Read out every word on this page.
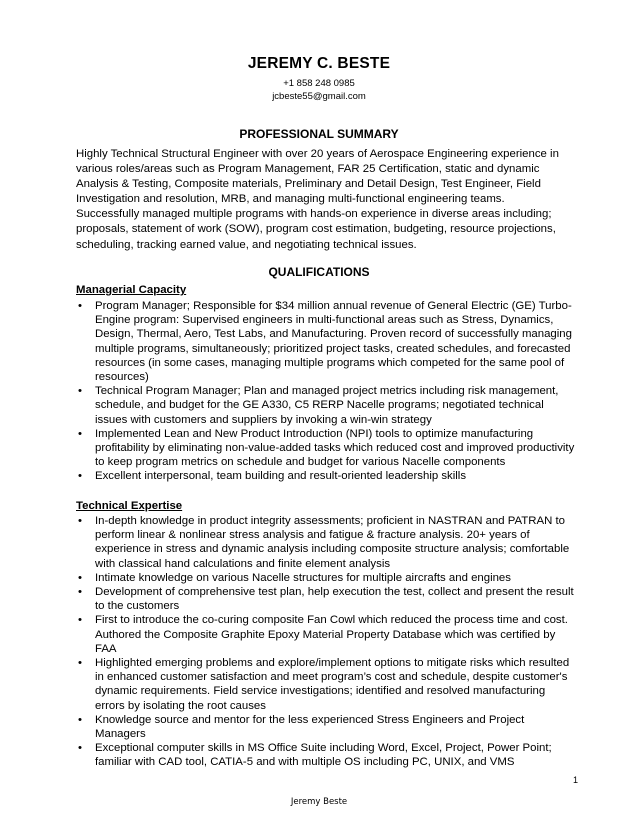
JEREMY C. BESTE
+1 858 248 0985
jcbeste55@gmail.com
PROFESSIONAL SUMMARY
Highly Technical Structural Engineer with over 20 years of Aerospace Engineering experience in various roles/areas such as Program Management, FAR 25 Certification, static and dynamic Analysis & Testing, Composite materials, Preliminary and Detail Design, Test Engineer, Field Investigation and resolution, MRB, and managing multi-functional engineering teams. Successfully managed multiple programs with hands-on experience in diverse areas including; proposals, statement of work (SOW), program cost estimation, budgeting, resource projections, scheduling, tracking earned value, and negotiating technical issues.
QUALIFICATIONS
Managerial Capacity
• Program Manager; Responsible for $34 million annual revenue of General Electric (GE) Turbo-Engine program: Supervised engineers in multi-functional areas such as Stress, Dynamics, Design, Thermal, Aero, Test Labs, and Manufacturing. Proven record of successfully managing multiple programs, simultaneously; prioritized project tasks, created schedules, and forecasted resources (in some cases, managing multiple programs which competed for the same pool of resources)
• Technical Program Manager; Plan and managed project metrics including risk management, schedule, and budget for the GE A330, C5 RERP Nacelle programs; negotiated technical issues with customers and suppliers by invoking a win-win strategy
• Implemented Lean and New Product Introduction (NPI) tools to optimize manufacturing profitability by eliminating non-value-added tasks which reduced cost and improved productivity to keep program metrics on schedule and budget for various Nacelle components
• Excellent interpersonal, team building and result-oriented leadership skills
Technical Expertise
• In-depth knowledge in product integrity assessments; proficient in NASTRAN and PATRAN to perform linear & nonlinear stress analysis and fatigue & fracture analysis. 20+ years of experience in stress and dynamic analysis including composite structure analysis; comfortable with classical hand calculations and finite element analysis
• Intimate knowledge on various Nacelle structures for multiple aircrafts and engines
• Development of comprehensive test plan, help execution the test, collect and present the result to the customers
• First to introduce the co-curing composite Fan Cowl which reduced the process time and cost. Authored the Composite Graphite Epoxy Material Property Database which was certified by FAA
• Highlighted emerging problems and explore/implement options to mitigate risks which resulted in enhanced customer satisfaction and meet program’s cost and schedule, despite customer's dynamic requirements. Field service investigations; identified and resolved manufacturing errors by isolating the root causes
• Knowledge source and mentor for the less experienced Stress Engineers and Project Managers
• Exceptional computer skills in MS Office Suite including Word, Excel, Project, Power Point; familiar with CAD tool, CATIA-5 and with multiple OS including PC, UNIX, and VMS
1
Jeremy Beste
